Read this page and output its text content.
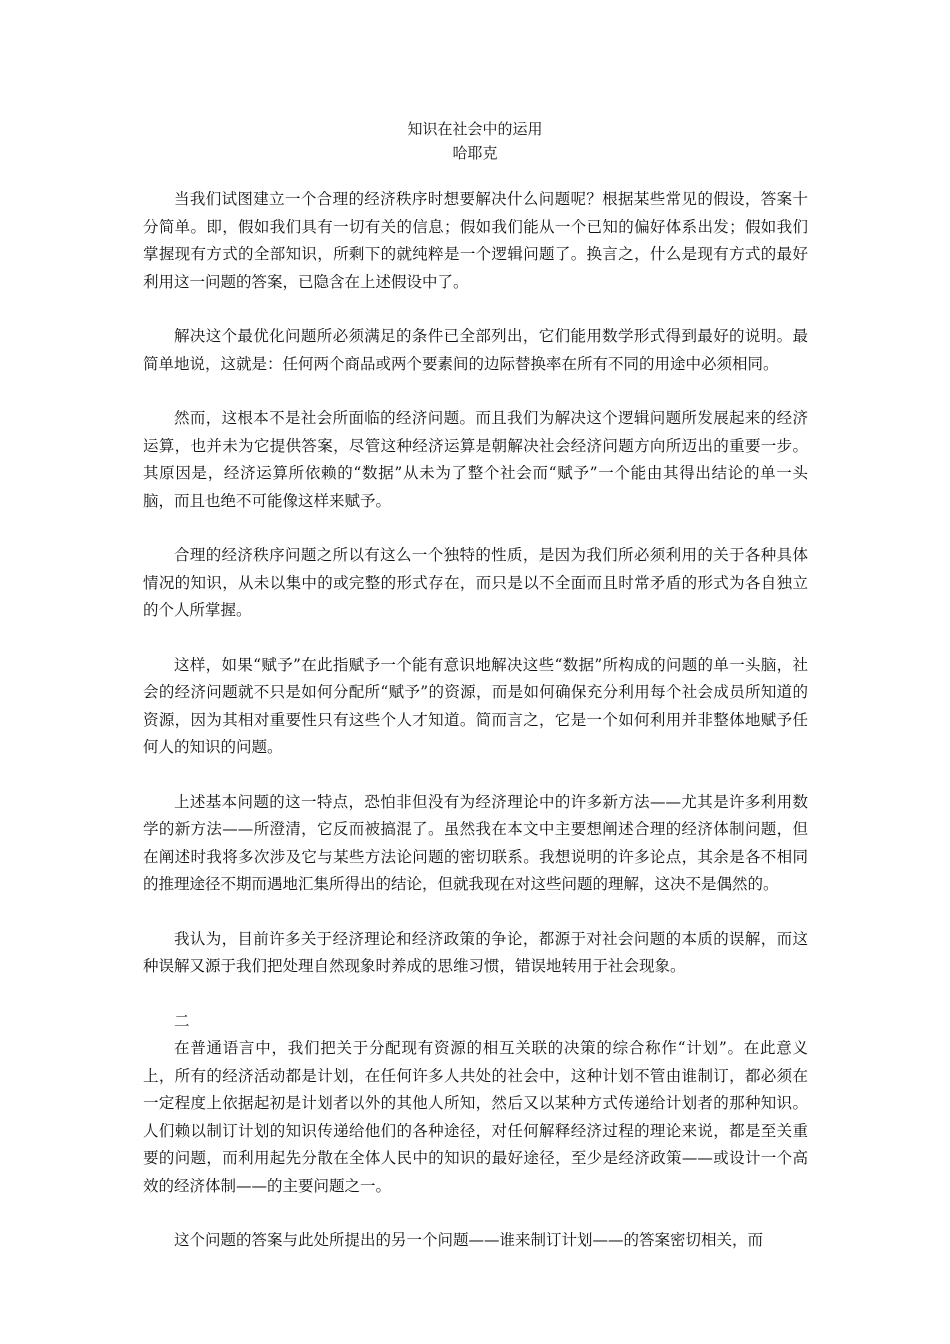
知识在社会中的运用
哈耶克

当我们试图建立一个合理的经济秩序时想要解决什么问题呢？根据某些常见的假设，答案十分简单。即，假如我们具有一切有关的信息；假如我们能从一个已知的偏好体系出发；假如我们掌握现有方式的全部知识，所剩下的就纯粹是一个逻辑问题了。换言之，什么是现有方式的最好利用这一问题的答案，已隐含在上述假设中了。

解决这个最优化问题所必须满足的条件已全部列出，它们能用数学形式得到最好的说明。最简单地说，这就是：任何两个商品或两个要素间的边际替换率在所有不同的用途中必须相同。

然而，这根本不是社会所面临的经济问题。而且我们为解决这个逻辑问题所发展起来的经济运算，也并未为它提供答案，尽管这种经济运算是朝解决社会经济问题方向所迈出的重要一步。其原因是，经济运算所依赖的“数据”从未为了整个社会而“赋予”一个能由其得出结论的单一头脑，而且也绝不可能像这样来赋予。

合理的经济秩序问题之所以有这么一个独特的性质，是因为我们所必须利用的关于各种具体情况的知识，从未以集中的或完整的形式存在，而只是以不全面而且时常矛盾的形式为各自独立的个人所掌握。

这样，如果“赋予”在此指赋予一个能有意识地解决这些“数据”所构成的问题的单一头脑，社会的经济问题就不只是如何分配所“赋予”的资源，而是如何确保充分利用每个社会成员所知道的资源，因为其相对重要性只有这些个人才知道。简而言之，它是一个如何利用并非整体地赋予任何人的知识的问题。

上述基本问题的这一特点，恐怕非但没有为经济理论中的许多新方法——尤其是许多利用数学的新方法——所澄清，它反而被搞混了。虽然我在本文中主要想阐述合理的经济体制问题，但在阐述时我将多次涉及它与某些方法论问题的密切联系。我想说明的许多论点，其余是各不相同的推理途径不期而遇地汇集所得出的结论，但就我现在对这些问题的理解，这决不是偶然的。

我认为，目前许多关于经济理论和经济政策的争论，都源于对社会问题的本质的误解，而这种误解又源于我们把处理自然现象时养成的思维习惯，错误地转用于社会现象。

二

在普通语言中，我们把关于分配现有资源的相互关联的决策的综合称作“计划”。在此意义上，所有的经济活动都是计划，在任何许多人共处的社会中，这种计划不管由谁制订，都必须在一定程度上依据起初是计划者以外的其他人所知，然后又以某种方式传递给计划者的那种知识。人们赖以制订计划的知识传递给他们的各种途径，对任何解释经济过程的理论来说，都是至关重要的问题，而利用起先分散在全体人民中的知识的最好途径，至少是经济政策——或设计一个高效的经济体制——的主要问题之一。

这个问题的答案与此处所提出的另一个问题——谁来制订计划——的答案密切相关，而
